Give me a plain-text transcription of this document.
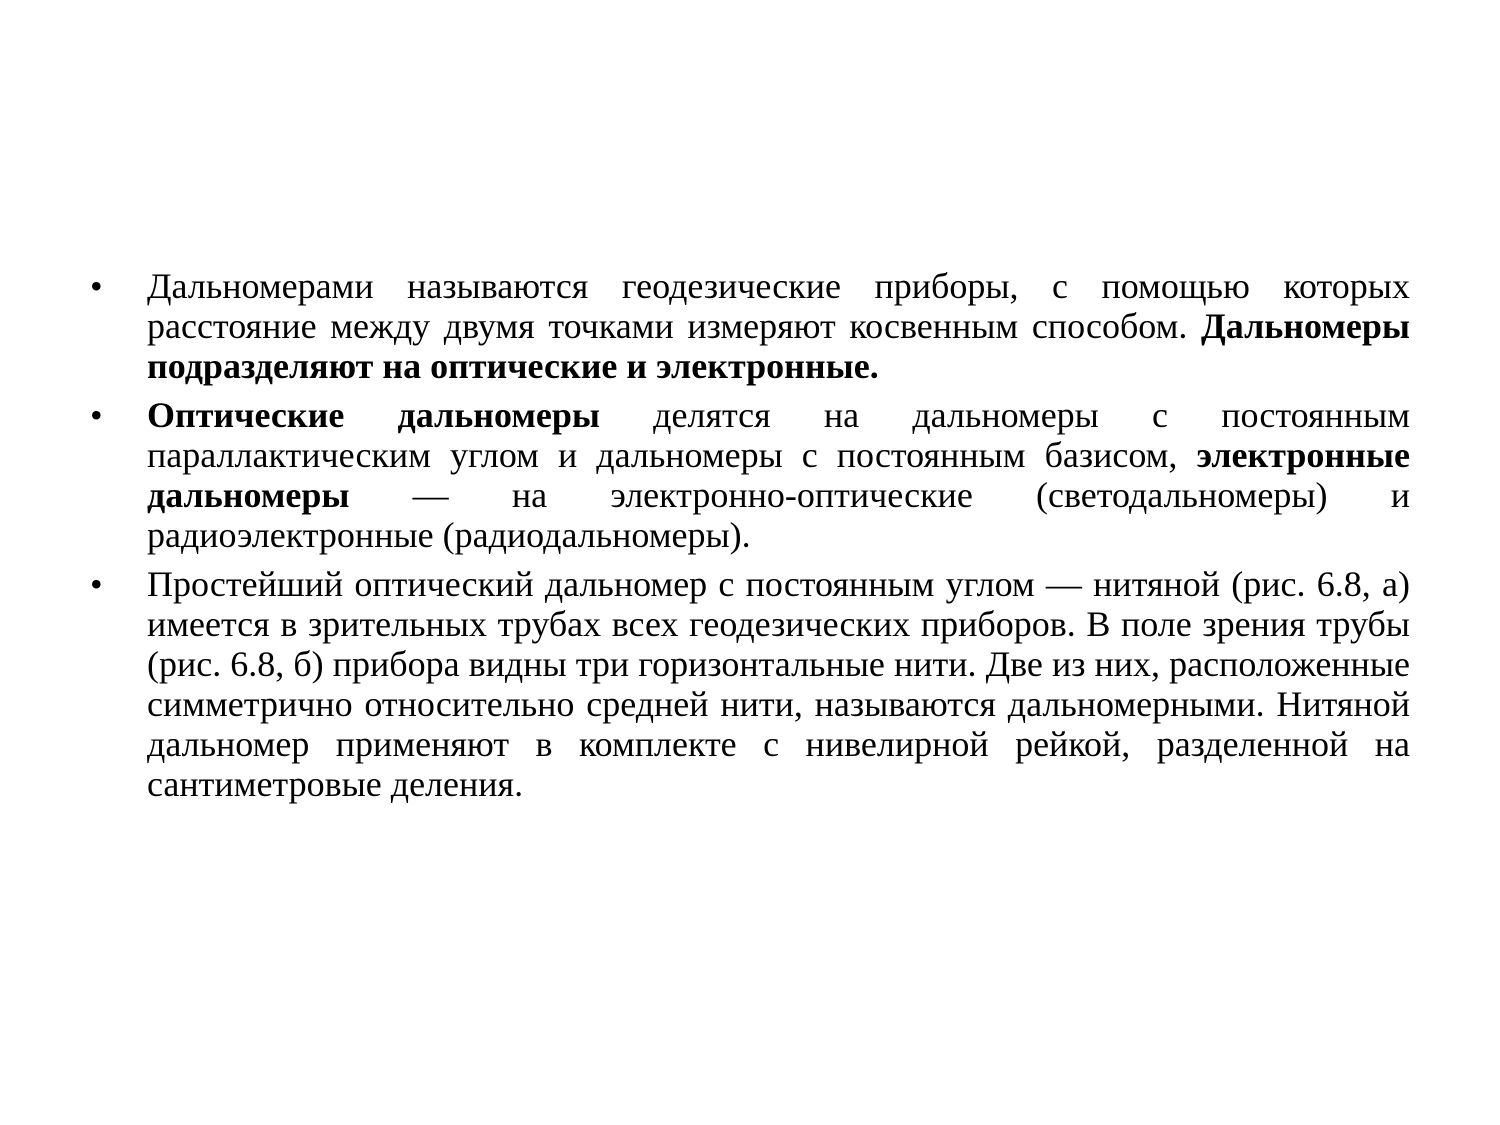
• Дальномерами называются геодезические приборы, с помощью которых расстояние между двумя точками измеряют косвенным способом. Дальномеры подразделяют на оптические и электронные.
• Оптические дальномеры делятся на дальномеры с постоянным параллактическим углом и дальномеры с постоянным базисом, электронные дальномеры — на электронно-оптические (светодальномеры) и радиоэлектронные (радиодальномеры).
• Простейший оптический дальномер с постоянным углом — нитяной (рис. 6.8, а) имеется в зрительных трубах всех геодезических приборов. В поле зрения трубы (рис. 6.8, б) прибора видны три горизонтальные нити. Две из них, расположенные симметрично относительно средней нити, называются дальномерными. Нитяной дальномер применяют в комплекте с нивелирной рейкой, разделенной на сантиметровые деления.
